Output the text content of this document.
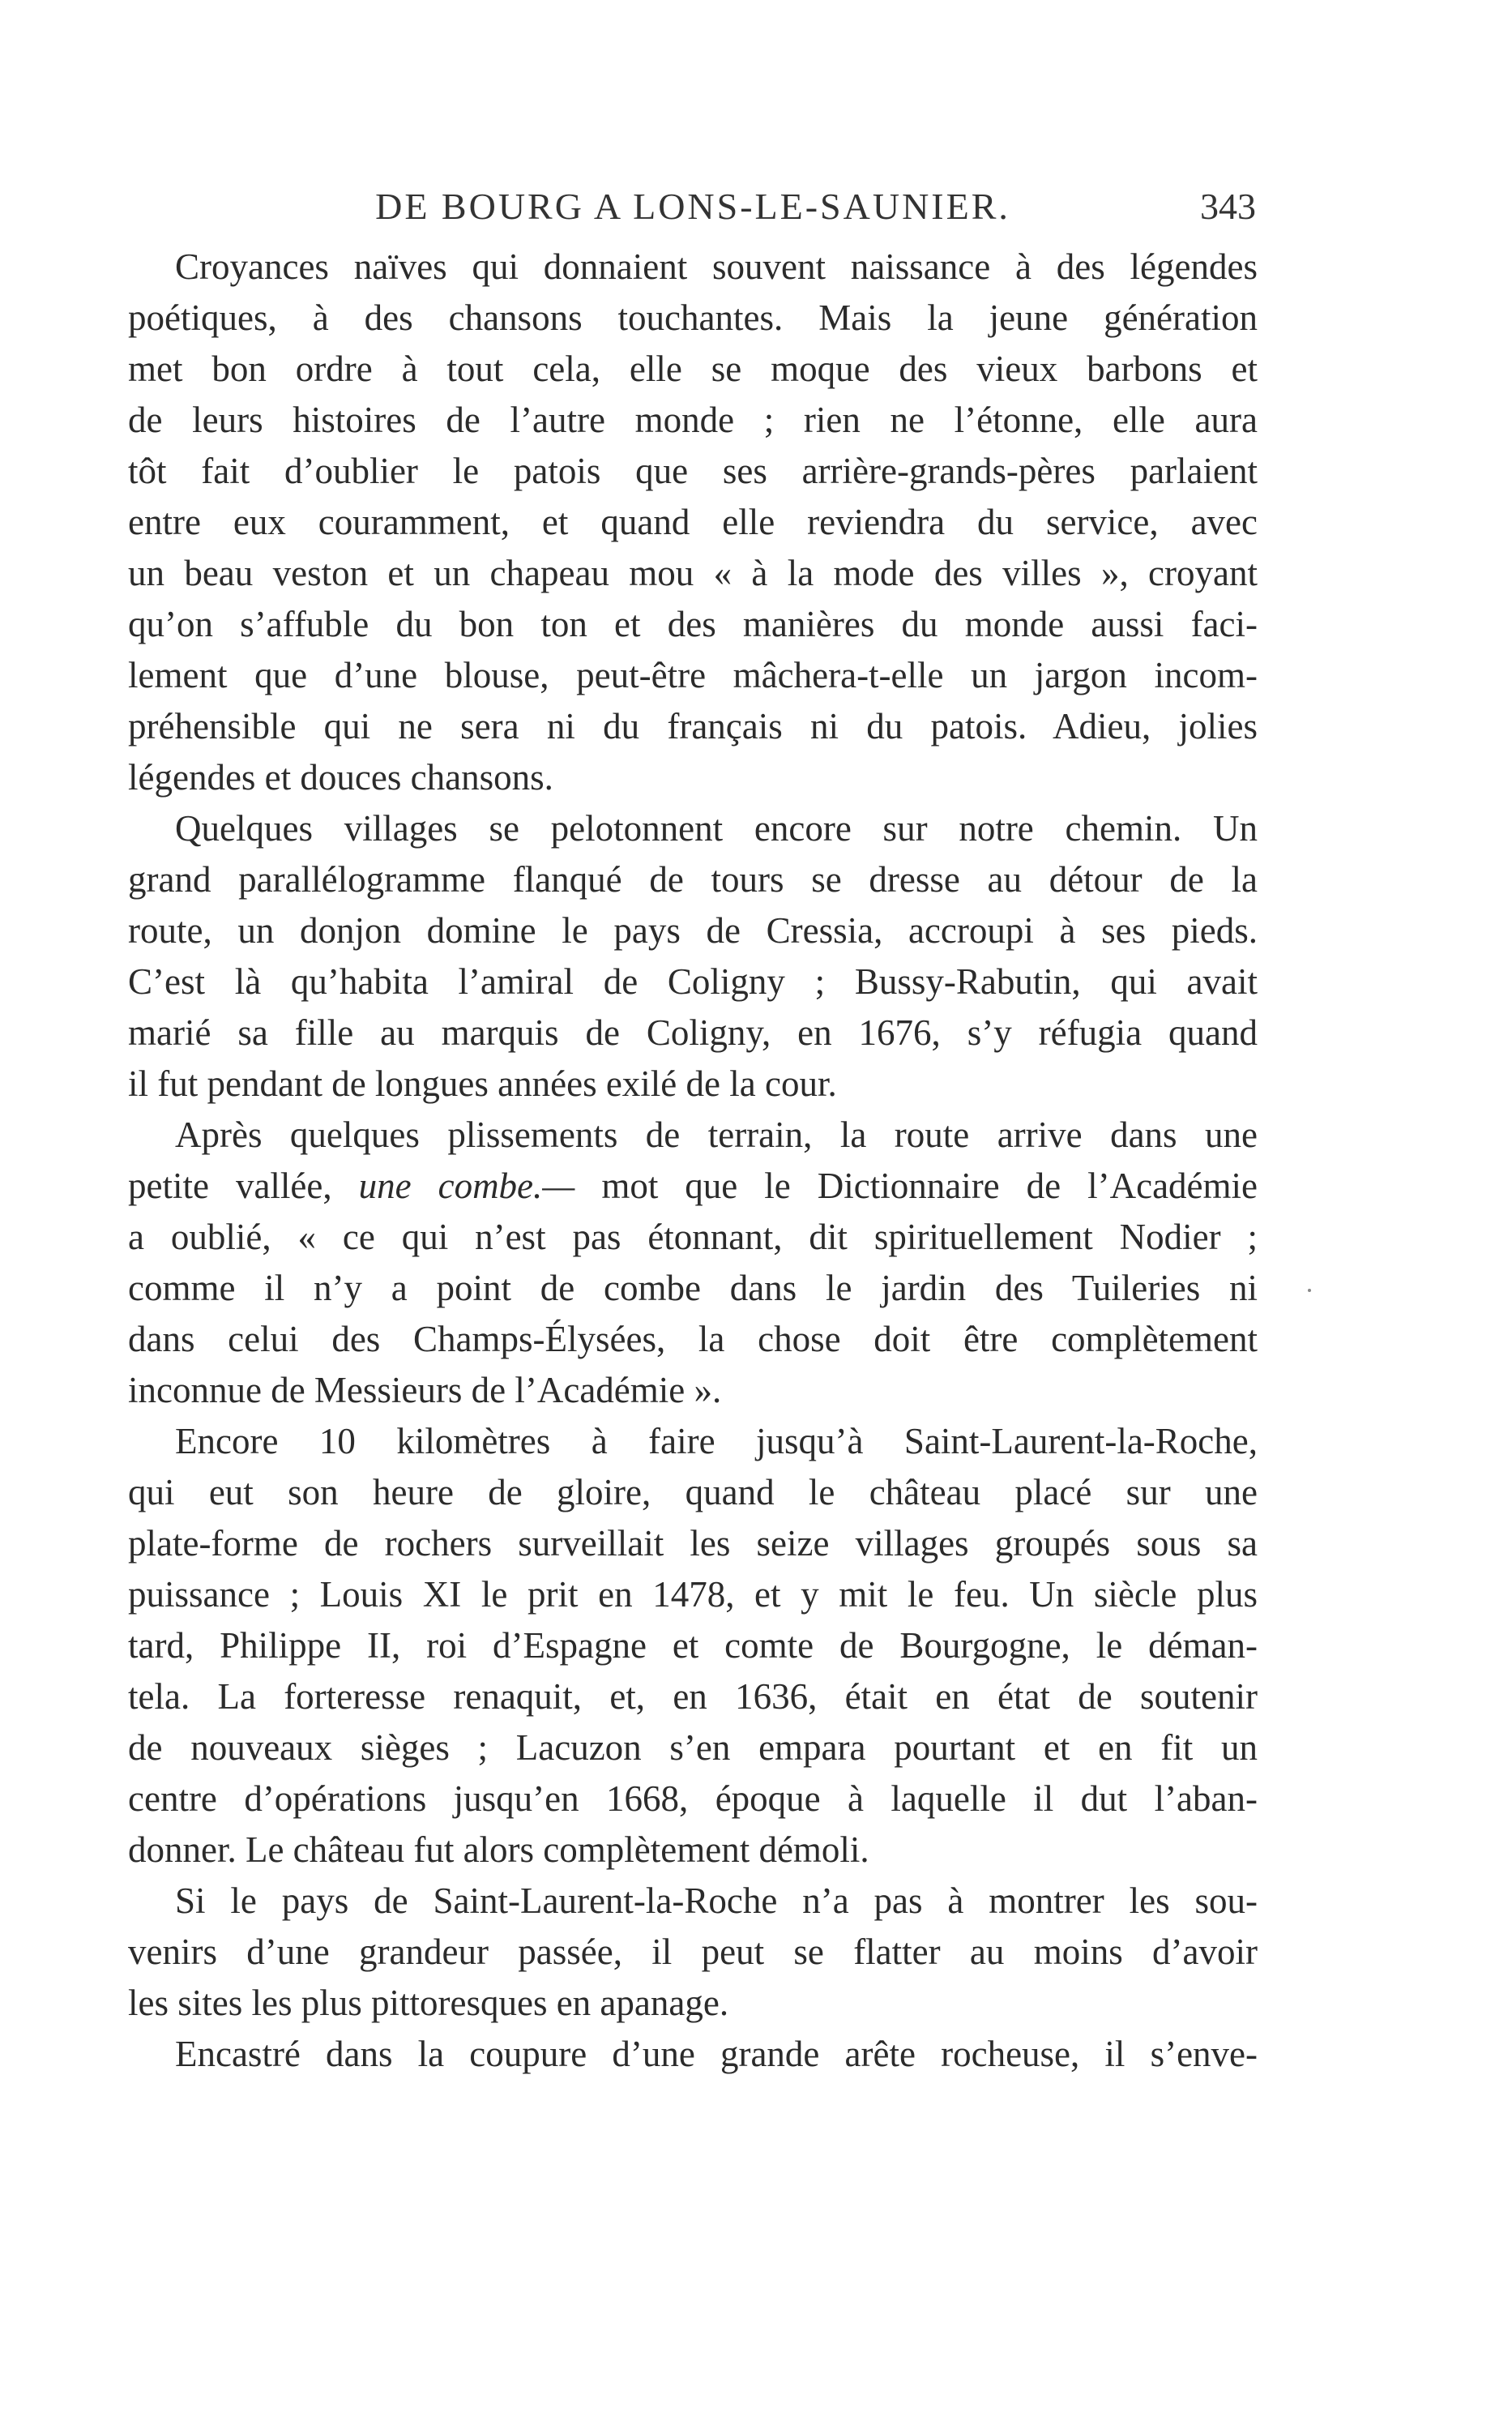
DE BOURG A LONS-LE-SAUNIER.	343
Croyances naïves qui donnaient souvent naissance à des légendes
poétiques, à des chansons touchantes. Mais la jeune génération
met bon ordre à tout cela, elle se moque des vieux barbons et
de leurs histoires de l’autre monde ; rien ne l’étonne, elle aura
tôt fait d’oublier le patois que ses arrière-grands-pères parlaient
entre eux couramment, et quand elle reviendra du service, avec
un beau veston et un chapeau mou « à la mode des villes », croyant
qu’on s’affuble du bon ton et des manières du monde aussi faci-
lement que d’une blouse, peut-être mâchera-t-elle un jargon incom-
préhensible qui ne sera ni du français ni du patois. Adieu, jolies
légendes et douces chansons.
Quelques villages se pelotonnent encore sur notre chemin. Un
grand parallélogramme flanqué de tours se dresse au détour de la
route, un donjon domine le pays de Cressia, accroupi à ses pieds.
C’est là qu’habita l’amiral de Coligny ; Bussy-Rabutin, qui avait
marié sa fille au marquis de Coligny, en 1676, s’y réfugia quand
il fut pendant de longues années exilé de la cour.
Après quelques plissements de terrain, la route arrive dans une
petite vallée, une combe.— mot que le Dictionnaire de l’Académie
a oublié, « ce qui n’est pas étonnant, dit spirituellement Nodier ;
comme il n’y a point de combe dans le jardin des Tuileries ni
dans celui des Champs-Élysées, la chose doit être complètement
inconnue de Messieurs de l’Académie ».
Encore 10 kilomètres à faire jusqu’à Saint-Laurent-la-Roche,
qui eut son heure de gloire, quand le château placé sur une
plate-forme de rochers surveillait les seize villages groupés sous sa
puissance ; Louis XI le prit en 1478, et y mit le feu. Un siècle plus
tard, Philippe II, roi d’Espagne et comte de Bourgogne, le déman-
tela. La forteresse renaquit, et, en 1636, était en état de soutenir
de nouveaux sièges ; Lacuzon s’en empara pourtant et en fit un
centre d’opérations jusqu’en 1668, époque à laquelle il dut l’aban-
donner. Le château fut alors complètement démoli.
Si le pays de Saint-Laurent-la-Roche n’a pas à montrer les sou-
venirs d’une grandeur passée, il peut se flatter au moins d’avoir
les sites les plus pittoresques en apanage.
Encastré dans la coupure d’une grande arête rocheuse, il s’enve-
